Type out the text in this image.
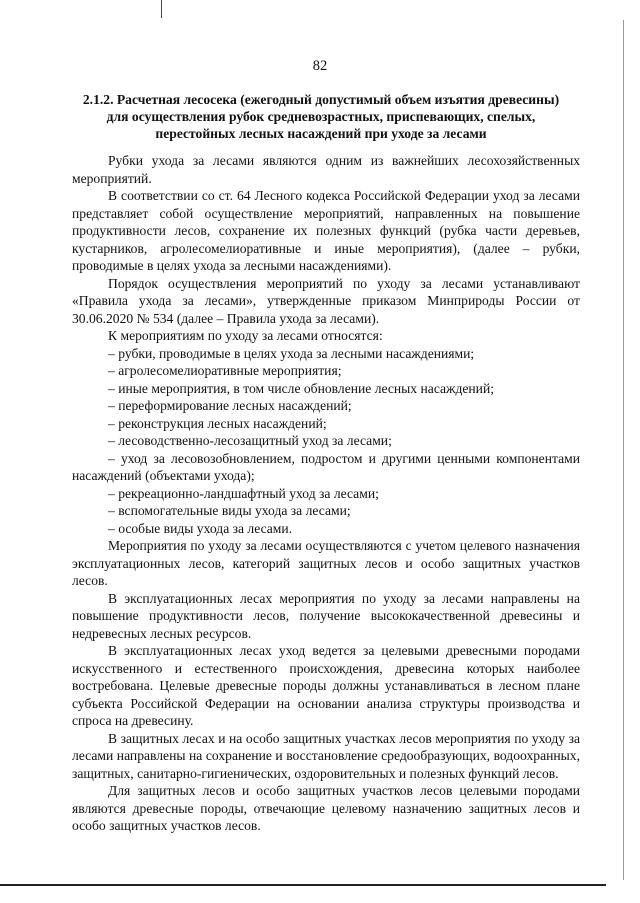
82
2.1.2. Расчетная лесосека (ежегодный допустимый объем изъятия древесины) для осуществления рубок средневозрастных, приспевающих, спелых, перестойных лесных насаждений при уходе за лесами

Рубки ухода за лесами являются одним из важнейших лесохозяйственных мероприятий.

В соответствии со ст. 64 Лесного кодекса Российской Федерации уход за лесами представляет собой осуществление мероприятий, направленных на повышение продуктивности лесов, сохранение их полезных функций (рубка части деревьев, кустарников, агролесомелиоративные и иные мероприятия), (далее – рубки, проводимые в целях ухода за лесными насаждениями).

Порядок осуществления мероприятий по уходу за лесами устанавливают «Правила ухода за лесами», утвержденные приказом Минприроды России от 30.06.2020 № 534 (далее – Правила ухода за лесами).

К мероприятиям по уходу за лесами относятся:

– рубки, проводимые в целях ухода за лесными насаждениями;
– агролесомелиоративные мероприятия;
– иные мероприятия, в том числе обновление лесных насаждений;
– переформирование лесных насаждений;
– реконструкция лесных насаждений;
– лесоводственно-лесозащитный уход за лесами;
– уход за лесовозобновлением, подростом и другими ценными компонентами насаждений (объектами ухода);
– рекреационно-ландшафтный уход за лесами;
– вспомогательные виды ухода за лесами;
– особые виды ухода за лесами.

Мероприятия по уходу за лесами осуществляются с учетом целевого назначения эксплуатационных лесов, категорий защитных лесов и особо защитных участков лесов.

В эксплуатационных лесах мероприятия по уходу за лесами направлены на повышение продуктивности лесов, получение высококачественной древесины и недревесных лесных ресурсов.

В эксплуатационных лесах уход ведется за целевыми древесными породами искусственного и естественного происхождения, древесина которых наиболее востребована. Целевые древесные породы должны устанавливаться в лесном плане субъекта Российской Федерации на основании анализа структуры производства и спроса на древесину.

В защитных лесах и на особо защитных участках лесов мероприятия по уходу за лесами направлены на сохранение и восстановление средообразующих, водоохранных, защитных, санитарно-гигиенических, оздоровительных и полезных функций лесов.

Для защитных лесов и особо защитных участков лесов целевыми породами являются древесные породы, отвечающие целевому назначению защитных лесов и особо защитных участков лесов.
